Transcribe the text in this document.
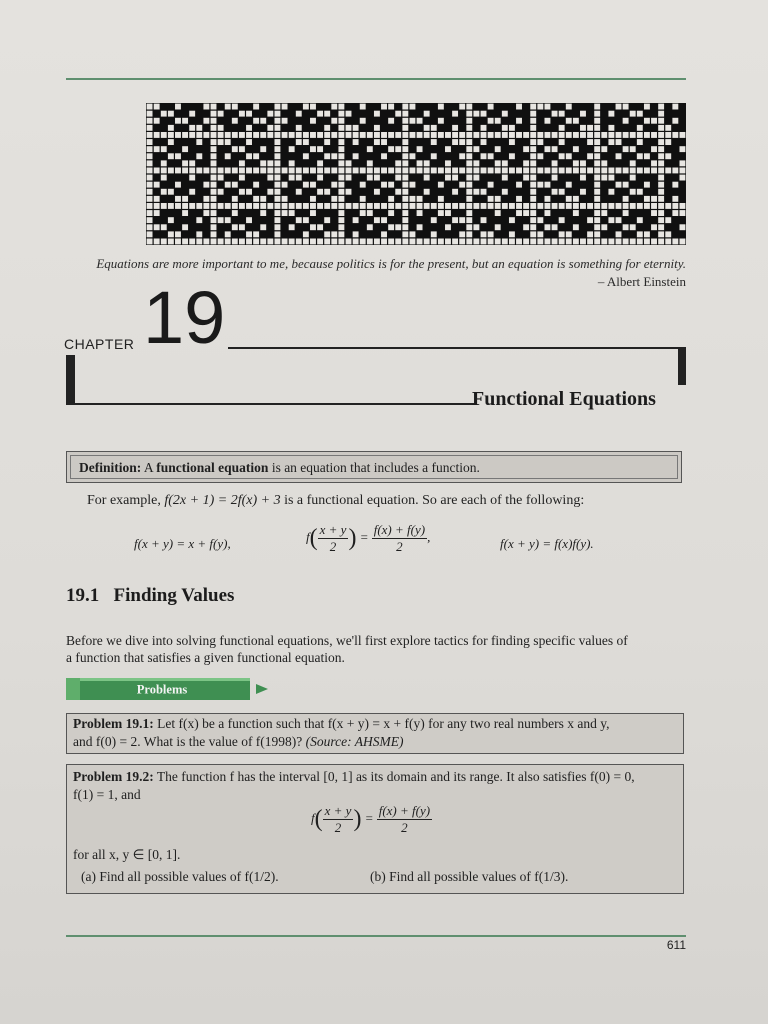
Equations are more important to me, because politics is for the present, but an equation is something for eternity.
– Albert Einstein
CHAPTER 19
Functional Equations
Definition: A functional equation is an equation that includes a function.
For example, f(2x + 1) = 2f(x) + 3 is a functional equation. So are each of the following:
f(x + y) = x + f(y),	$f( \frac{x + y}{2}$ ) = $\frac{f(x) + f(y)}{2}$ ,	f(x + y) = f(x)f(y).
19.1 Finding Values
Before we dive into solving functional equations, we'll first explore tactics for finding specific values of
a function that satisfies a given functional equation.
Problems
Problem 19.1: Let f(x) be a function such that f(x + y) = x + f(y) for any two real numbers x and y,
and f(0) = 2. What is the value of f(1998)? (Source: AHSME)
Problem 19.2: The function f has the interval [0, 1] as its domain and its range. It also satisfies f(0) = 0,
f(1) = 1, and
$f( \frac{x + y}{2}$ ) = $\frac{f(x) + f(y)}{2}$
for all x, y ∈ [0, 1].
(a) Find all possible values of f(1/2).	(b) Find all possible values of f(1/3).
611
